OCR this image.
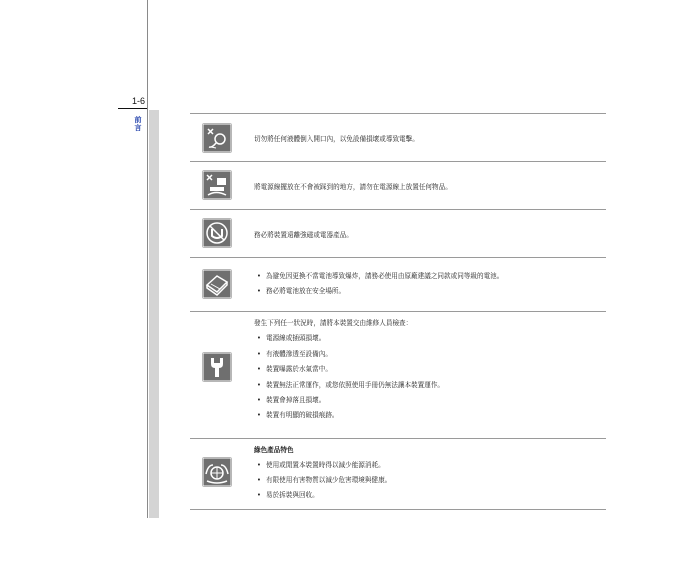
1-6
前言
切勿將任何液體倒入開口內，以免設備損壞或導致電擊。
將電源線擺放在不會被踩到的地方，請勿在電源線上放置任何物品。
務必將裝置遠離強磁或電器產品。
• 為避免因更換不當電池導致爆炸，請務必使用由原廠建議之同款或同等級的電池。
• 務必將電池放在安全場所。
發生下列任一狀況時，請將本裝置交由維修人員檢查：
• 電源線或插頭損壞。
• 有液體滲透至設備內。
• 裝置曝露於水氣當中。
• 裝置無法正常運作，或您依照使用手冊仍無法讓本裝置運作。
• 裝置會掉落且損壞。
• 裝置有明顯的破損痕跡。
綠色產品特色
• 使用或閒置本裝置時得以減少能源消耗。
• 有限使用有害物質以減少危害環境與健康。
• 易於拆裝與回收。
